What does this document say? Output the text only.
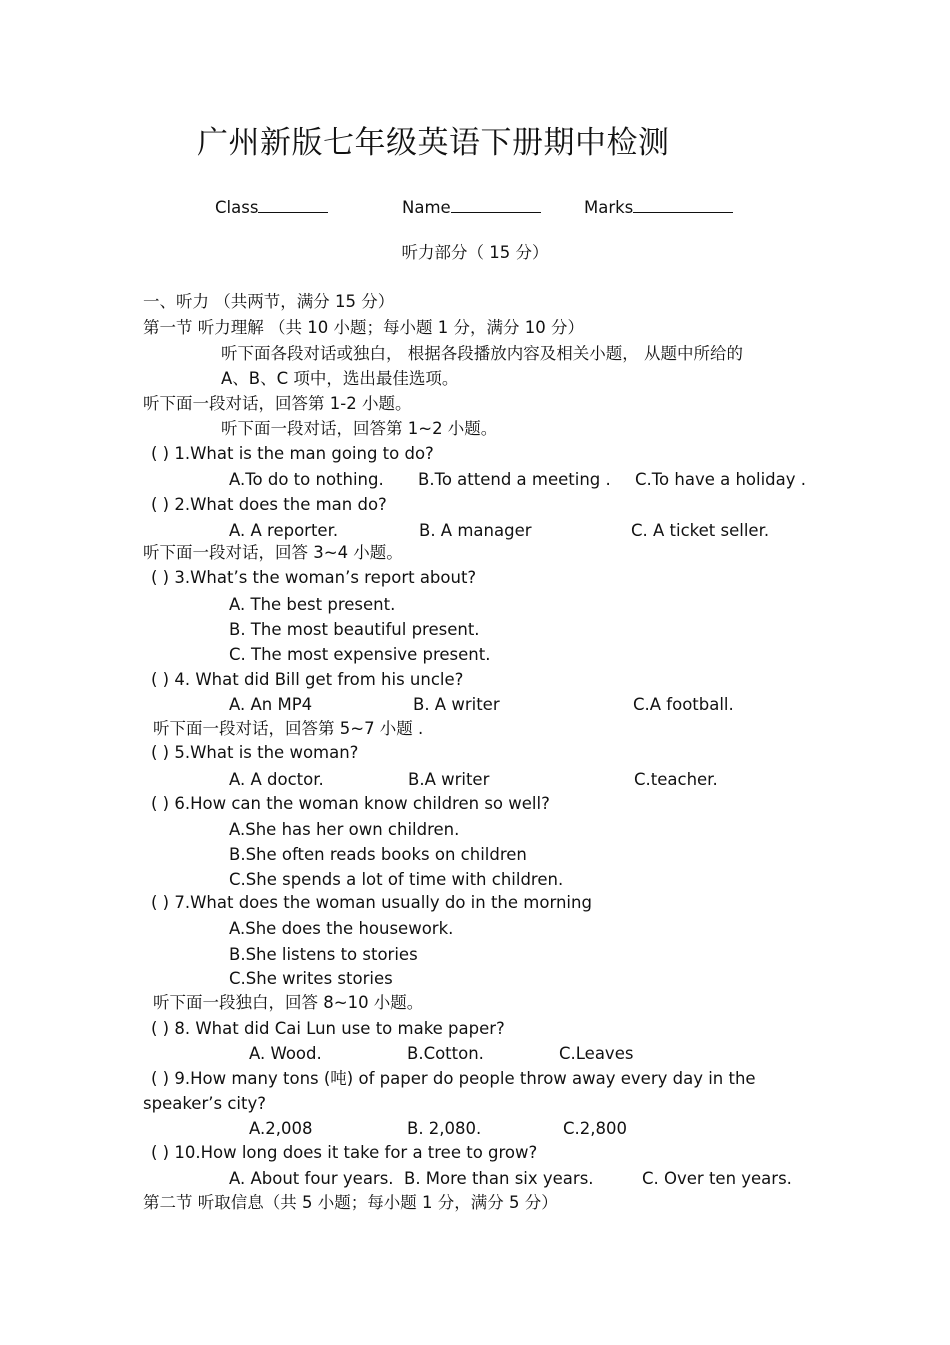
广州新版七年级英语下册期中检测
Class	Name	Marks
听力部分（ 15 分）
一、听力 （共两节，满分 15 分）
第一节 听力理解 （共 10 小题；每小题 1 分，满分 10 分）
听下面各段对话或独白， 根据各段播放内容及相关小题， 从题中所给的
A、B、C 项中，选出最佳选项。
听下面一段对话，回答第 1-2 小题。
听下面一段对话，回答第 1~2 小题。
( ) 1.What is the man going to do?
A.To do to nothing. B.To attend a meeting . C.To have a holiday .
( ) 2.What does the man do?
A. A reporter.	B. A manager	C. A ticket seller.
听下面一段对话，回答 3~4 小题。
( ) 3.What’s the woman’s report about?
A. The best present.
B. The most beautiful present.
C. The most expensive present.
( ) 4. What did Bill get from his uncle?
A. An MP4	B. A writer	C.A football.
听下面一段对话，回答第 5~7 小题 .
( ) 5.What is the woman?
A. A doctor.	B.A writer	C.teacher.
( ) 6.How can the woman know children so well?
A.She has her own children.
B.She often reads books on children
C.She spends a lot of time with children.
( ) 7.What does the woman usually do in the morning
A.She does the housework.
B.She listens to stories
C.She writes stories
听下面一段独白，回答 8~10 小题。
( ) 8. What did Cai Lun use to make paper?
A. Wood.	B.Cotton.	C.Leaves
( ) 9.How many tons (吨) of paper do people throw away every day in the
speaker’s city?
A.2,008	B. 2,080.	C.2,800
( ) 10.How long does it take for a tree to grow?
A. About four years. B. More than six years.	C. Over ten years.
第二节 听取信息（共 5 小题；每小题 1 分，满分 5 分）
